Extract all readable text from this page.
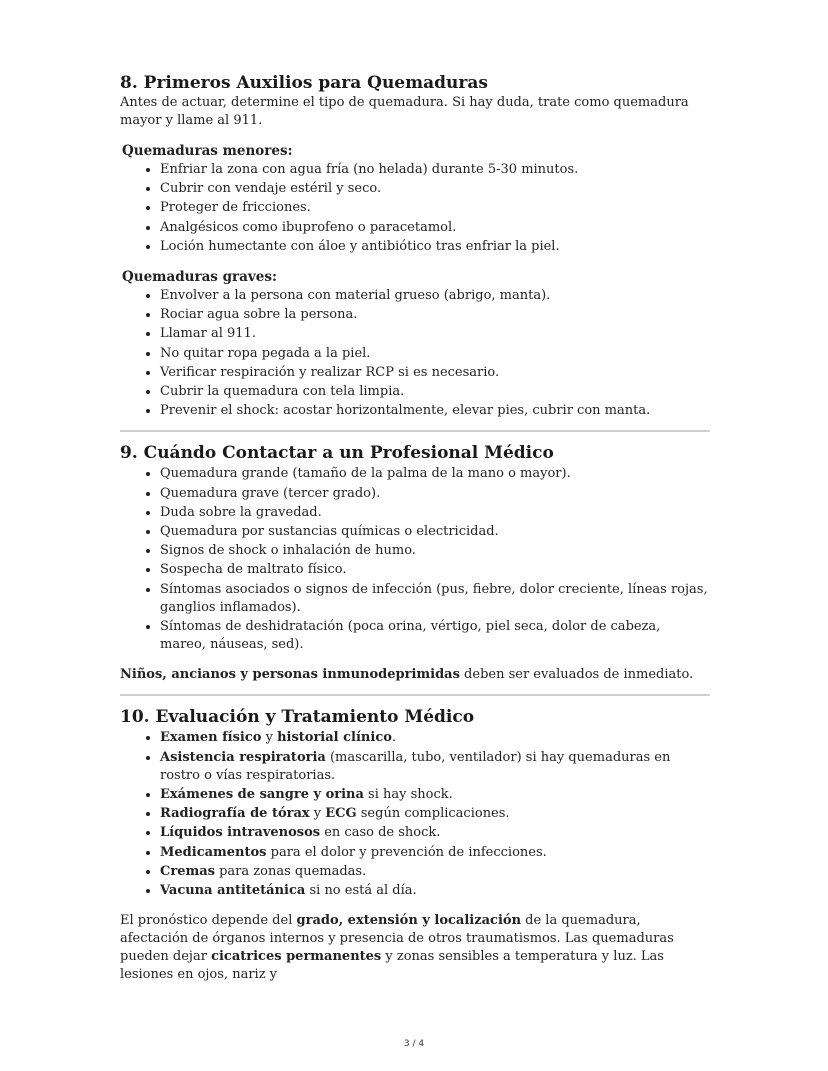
8. Primeros Auxilios para Quemaduras

Antes de actuar, determine el tipo de quemadura. Si hay duda, trate como quemadura mayor y llame al 911.

Quemaduras menores:
• Enfriar la zona con agua fría (no helada) durante 5-30 minutos.
• Cubrir con vendaje estéril y seco.
• Proteger de fricciones.
• Analgésicos como ibuprofeno o paracetamol.
• Loción humectante con áloe y antibiótico tras enfriar la piel.
Quemaduras graves:
• Envolver a la persona con material grueso (abrigo, manta).
• Rociar agua sobre la persona.
• Llamar al 911.
• No quitar ropa pegada a la piel.
• Verificar respiración y realizar RCP si es necesario.
• Cubrir la quemadura con tela limpia.
• Prevenir el shock: acostar horizontalmente, elevar pies, cubrir con manta.
9. Cuándo Contactar a un Profesional Médico
• Quemadura grande (tamaño de la palma de la mano o mayor).
• Quemadura grave (tercer grado).
• Duda sobre la gravedad.
• Quemadura por sustancias químicas o electricidad.
• Signos de shock o inhalación de humo.
• Sospecha de maltrato físico.
• Síntomas asociados o signos de infección (pus, fiebre, dolor creciente, líneas rojas, ganglios inflamados).
• Síntomas de deshidratación (poca orina, vértigo, piel seca, dolor de cabeza, mareo, náuseas, sed).

Niños, ancianos y personas inmunodeprimidas deben ser evaluados de inmediato.

10. Evaluación y Tratamiento Médico
• Examen físico y historial clínico.
• Asistencia respiratoria (mascarilla, tubo, ventilador) si hay quemaduras en rostro o vías respiratorias.
• Exámenes de sangre y orina si hay shock.
• Radiografía de tórax y ECG según complicaciones.
• Líquidos intravenosos en caso de shock.
• Medicamentos para el dolor y prevención de infecciones.
• Cremas para zonas quemadas.
• Vacuna antitetánica si no está al día.

El pronóstico depende del grado, extensión y localización de la quemadura, afectación de órganos internos y presencia de otros traumatismos. Las quemaduras pueden dejar cicatrices permanentes y zonas sensibles a temperatura y luz. Las lesiones en ojos, nariz y

3 / 4
